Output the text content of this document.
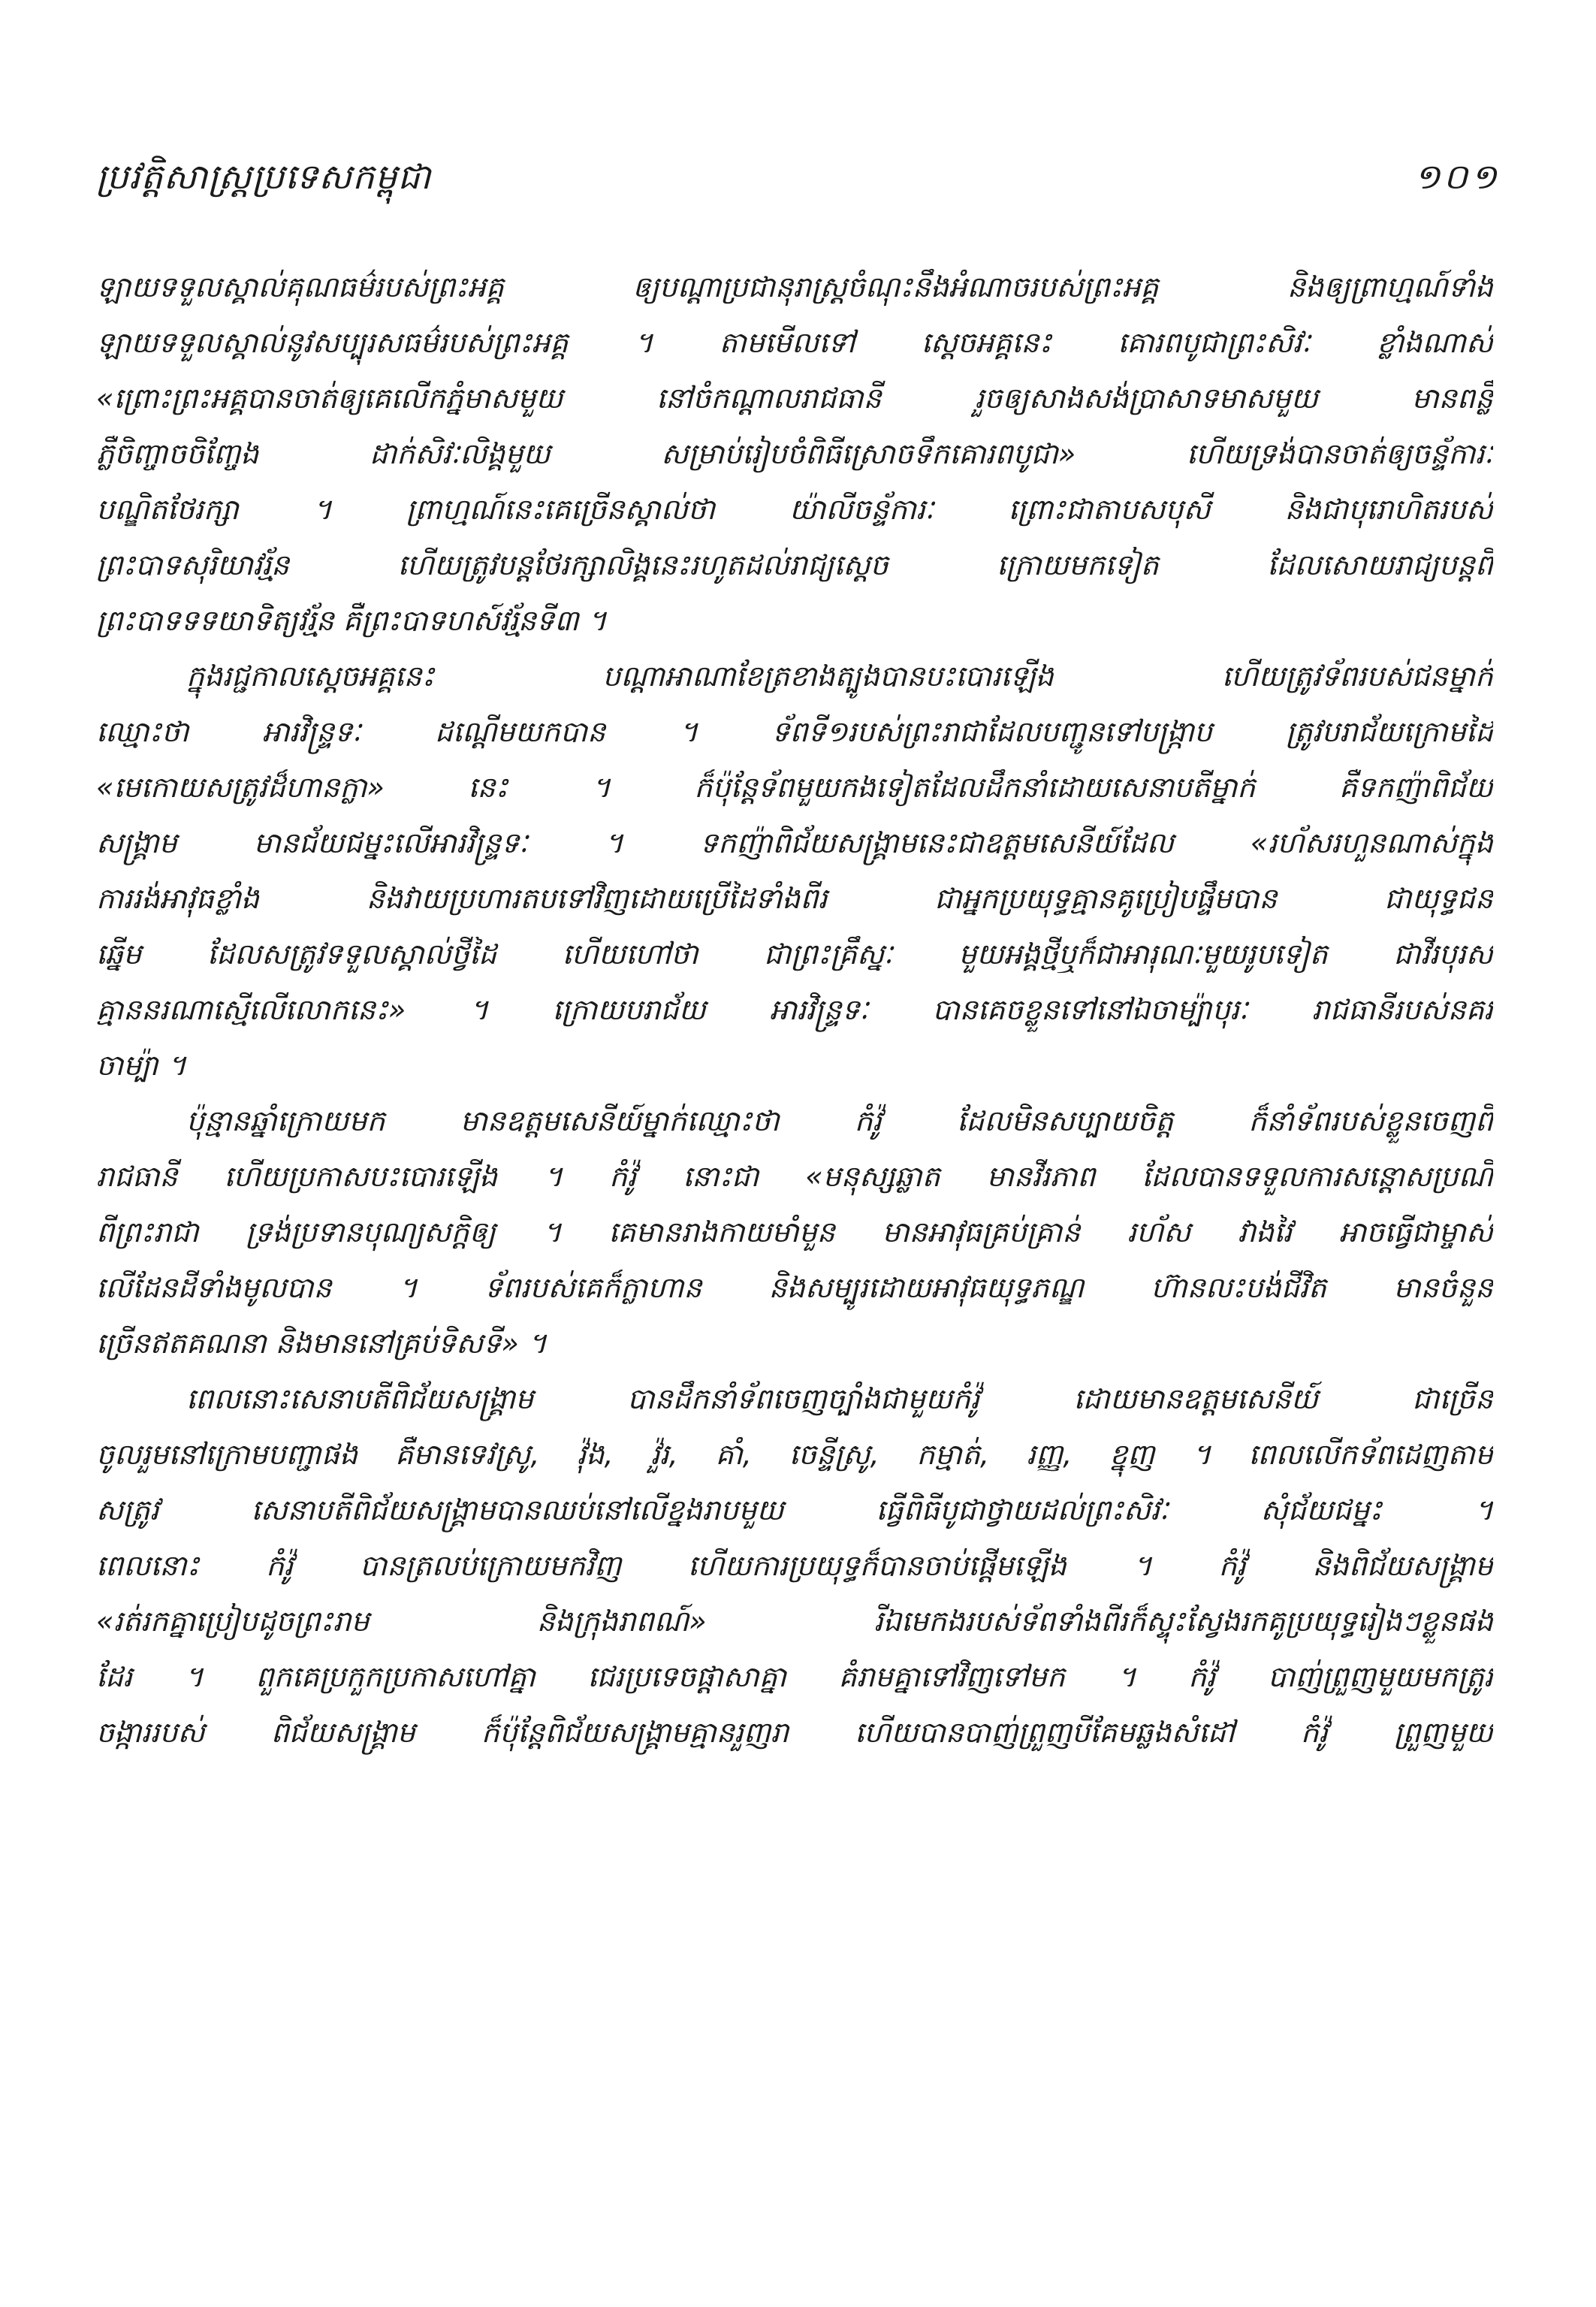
ប្រវត្តិសាស្ត្រប្រទេសកម្ពុជា	១០១
ឡាយទទួលស្គាល់គុណធម៌របស់ព្រះអគ្គ ឲ្យបណ្ដាប្រជានុរាស្ត្រចំណុះនឹងអំណាចរបស់ព្រះអគ្គ និងឲ្យព្រាហ្មណ៍ទាំង
ឡាយទទួលស្គាល់នូវសប្បុរសធម៌របស់ព្រះអគ្គ ។ តាមមើលទៅ ស្ដេចអគ្គនេះ គោរពបូជាព្រះសិវៈ ខ្លាំងណាស់
«ព្រោះព្រះអគ្គបានចាត់ឲ្យគេលើកភ្នំមាសមួយ នៅចំកណ្ដាលរាជធានី រួចឲ្យសាងសង់ប្រាសាទមាសមួយ មានពន្លឺ
ភ្លឺចិញ្ចាចចិញ្ចែង ដាក់សិវៈលិង្គមួយ សម្រាប់រៀបចំពិធីស្រោចទឹកគោរពបូជា» ហើយទ្រង់បានចាត់ឲ្យចន្ទ័ការៈ
បណ្ឌិតថែរក្សា ។ ព្រាហ្មណ៍នេះគេច្រើនស្គាល់ថា យ៉ាលីចន្ទ័ការៈ ព្រោះជាតាបសបុសី និងជាបុរោហិតរបស់
ព្រះបាទសុរិយាវរ្ម័ន ហើយត្រូវបន្តថែរក្សាលិង្គនេះរហូតដល់រាជ្យស្ដេច ក្រោយមកទៀត ដែលសោយរាជ្យបន្តពី
ព្រះបាទទទយាទិត្យវរ្ម័ន គឺព្រះបាទហស៍វរ្ម័នទី៣ ។
ក្នុងរជ្ជកាលស្ដេចអគ្គនេះ បណ្ដាអាណាខែត្រខាងត្បូងបានបះបោរឡើង ហើយត្រូវទ័ពរបស់ជនម្នាក់
ឈ្មោះថា អារវិន្ទ្រទៈ ដណ្ដើមយកបាន ។ ទ័ពទី១របស់ព្រះរាជាដែលបញ្ជូនទៅបង្ក្រាប ត្រូវបរាជ័យក្រោមដៃ
«មេកោយសត្រូវដ៏ហានក្លា» នេះ ។ ក៏ប៉ុន្តែទ័ពមួយកងទៀតដែលដឹកនាំដោយសេនាបតីម្នាក់ គឺទកញ៉ាពិជ័យ
សង្គ្រាម មានជ័យជម្នះលើអារវិន្ទ្រទៈ ។ ទកញ៉ាពិជ័យសង្គ្រាមនេះជាឧត្ដមសេនីយ៍ដែល «រហ័សរហួនណាស់ក្នុង
ការរង់អាវុធខ្លាំង និងវាយប្រហារតបទៅវិញដោយប្រើដៃទាំងពីរ ជាអ្នកប្រយុទ្ធគ្មានគូប្រៀបផ្ទឹមបាន ជាយុទ្ធជន
ឆ្នើម ដែលសត្រូវទទួលស្គាល់ថ្វីដៃ ហើយហៅថា ជាព្រះគ្រឹស្នៈ មួយអង្គថ្មីឬក៏ជាអារុណៈមួយរូបទៀត ជាវីរបុរស
គ្មាននរណាស្មើលើលោកនេះ» ។ ក្រោយបរាជ័យ អារវិន្ទ្រទៈ បានគេចខ្លួនទៅនៅឯចាម្ប៉ាបុរៈ រាជធានីរបស់នគរ
ចាម្ប៉ា ។
ប៉ុន្មានឆ្នាំក្រោយមក មានឧត្ដមសេនីយ៍ម្នាក់ឈ្មោះថា កំវ៉ូ ដែលមិនសប្បាយចិត្ត ក៏នាំទ័ពរបស់ខ្លួនចេញពី
រាជធានី ហើយប្រកាសបះបោរឡើង ។ កំវ៉ូ នោះជា «មនុស្សឆ្លាត មានវីរភាព ដែលបានទទួលការសន្ដោសប្រណី
ពីព្រះរាជា ទ្រង់ប្រទានបុណ្យសក្តិឲ្យ ។ គេមានរាងកាយមាំមួន មានអាវុធគ្រប់គ្រាន់ រហ័ស វាងវៃ អាចធ្វើជាម្ចាស់
លើដែនដីទាំងមូលបាន ។ ទ័ពរបស់គេក៏ក្លាហាន និងសម្បូរដោយអាវុធយុទ្ធភណ្ឌ ហ៊ានលះបង់ជីវិត មានចំនួន
ច្រើនឥតគណនា និងមាននៅគ្រប់ទិសទី» ។
ពេលនោះសេនាបតីពិជ័យសង្គ្រាម បានដឹកនាំទ័ពចេញច្បាំងជាមួយកំវ៉ូ ដោយមានឧត្ដមសេនីយ៍ ជាច្រើន
ចូលរួមនៅក្រោមបញ្ជាផង គឺមានទេវស្រូ, វ៉ុង, វ៉ួរ, គាំ, ចេន្ទីស្រូ, កម្មាត់, រញ្ញ, ខ្នុញ ។ ពេលលើកទ័ពដេញតាម
សត្រូវ សេនាបតីពិជ័យសង្គ្រាមបានឈប់នៅលើខ្នងរាបមួយ ធ្វើពិធីបូជាថ្វាយដល់ព្រះសិវៈ សុំជ័យជម្នះ ។
ពេលនោះ កំវ៉ូ បានត្រលប់ក្រោយមកវិញ ហើយការប្រយុទ្ធក៏បានចាប់ផ្ដើមឡើង ។ កំវ៉ូ និងពិជ័យសង្គ្រាម
«រត់រកគ្នាប្រៀបដូចព្រះរាម និងក្រុងរាពណ៍» រីឯមេកងរបស់ទ័ពទាំងពីរក៏ស្ទុះស្វែងរកគូប្រយុទ្ធរៀងៗខ្លួនផង
ដែរ ។ ពួកគេប្រកួកប្រកាសហៅគ្នា ជេរប្រទេចផ្ដាសាគ្នា គំរាមគ្នាទៅវិញទៅមក ។ កំវ៉ូ បាញ់ព្រួញមួយមកត្រូវ
ចង្ការរបស់ ពិជ័យសង្គ្រាម ក៏ប៉ុន្តែពិជ័យសង្គ្រាមគ្មានរួញរា ហើយបានបាញ់ព្រួញបីគែមឆ្លងសំដៅ កំវ៉ូ ព្រួញមួយ
